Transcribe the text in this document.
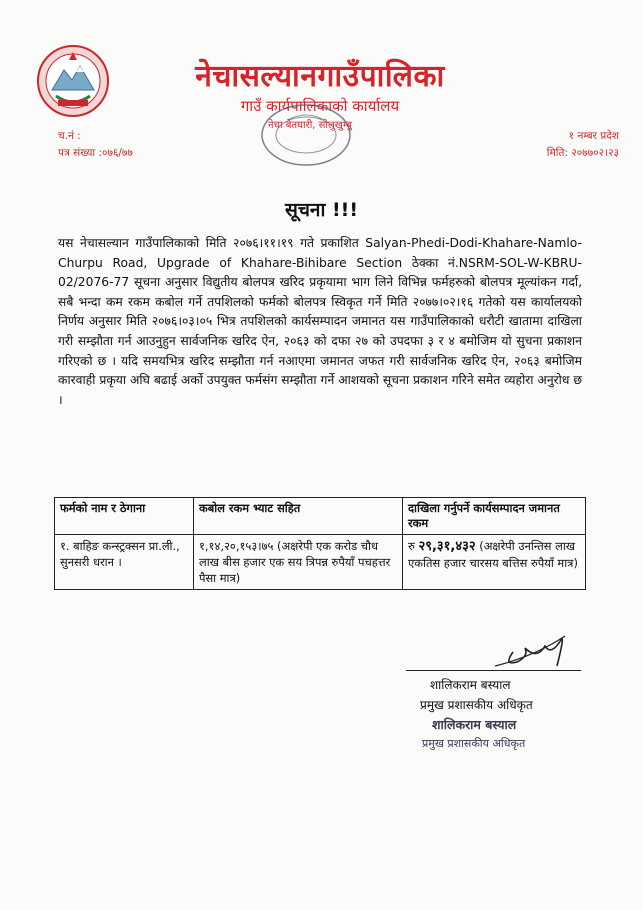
नेचासल्यानगाउँपालिका
गाउँ कार्यपालिकाको कार्यालय
नेचा बेतघारी, सोलुखुम्बु
च.नं :
पत्र संख्या :०७६/७७
१ नम्बर प्रदेश
मिति: २०७७०२।२३
सूचना !!!
यस नेचासल्यान गाउँपालिकाको मिति २०७६।११।१९ गते प्रकाशित Salyan-Phedi-Dodi-Khahare-Namlo-Churpu Road, Upgrade of Khahare-Bihibare Section ठेक्का नं.NSRM-SOL-W-KBRU- 02/2076-77 सूचना अनुसार विद्युतीय बोलपत्र खरिद प्रकृयामा भाग लिने विभिन्न फर्महरुको बोलपत्र मूल्यांकन गर्दा, सबै भन्दा कम रकम कबोल गर्ने तपशिलको फर्मको बोलपत्र स्विकृत गर्ने मिति २०७७।०२।१६ गतेको यस कार्यालयको निर्णय अनुसार मिति २०७६।०३।०५ भित्र तपशिलको कार्यसम्पादन जमानत यस गाउँपालिकाको धरौटी खातामा दाखिला गरी सम्झौता गर्न आउनुहुन सार्वजनिक खरिद ऐन, २०६३ को दफा २७ को उपदफा ३ र ४ बमोजिम यो सुचना प्रकाशन गरिएको छ । यदि समयभित्र खरिद सम्झौता गर्न नआएमा जमानत जफत गरी सार्वजनिक खरिद ऐन, २०६३ बमोजिम कारवाही प्रकृया अघि बढाई अर्को उपयुक्त फर्मसंग सम्झौता गर्ने आशयको सूचना प्रकाशन गरिने समेत व्यहोरा अनुरोध छ ।
फर्मको नाम र ठेगाना	कबोल रकम भ्याट सहित	दाखिला गर्नुपर्ने कार्यसम्पादन जमानत रकम
१. बाहिङ कन्स्ट्रक्सन प्रा.ली., सुनसरी धरान ।	१,१४,२०,१५३।७५ (अक्षरेपी एक करोड चौध लाख बीस हजार एक सय त्रिपन्न रुपैयाँ पचहत्तर पैसा मात्र)	रु २९,३१,४३२ (अक्षरेपी उनन्तिस लाख एकतिस हजार चारसय बत्तिस रुपैयाँ मात्र)
शालिकराम बस्याल
प्रमुख प्रशासकीय अधिकृत
शालिकराम बस्याल
प्रमुख प्रशासकीय अधिकृत
